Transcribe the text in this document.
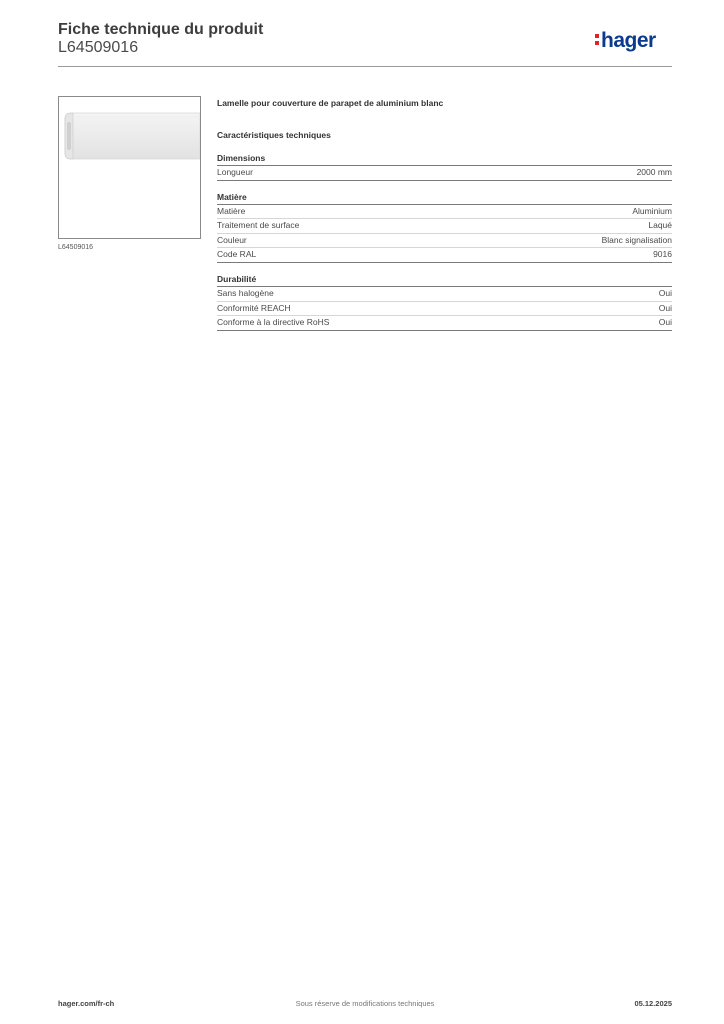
Fiche technique du produit
L64509016	hager
L64509016
Lamelle pour couverture de parapet de aluminium blanc
Caractéristiques techniques
Dimensions
Longueur	2000 mm
Matière
Matière	Aluminium
Traitement de surface	Laqué
Couleur	Blanc signalisation
Code RAL	9016
Durabilité
Sans halogène	Oui
Conformité REACH	Oui
Conforme à la directive RoHS	Oui
hager.com/fr-ch	Sous réserve de modifications techniques	05.12.2025
